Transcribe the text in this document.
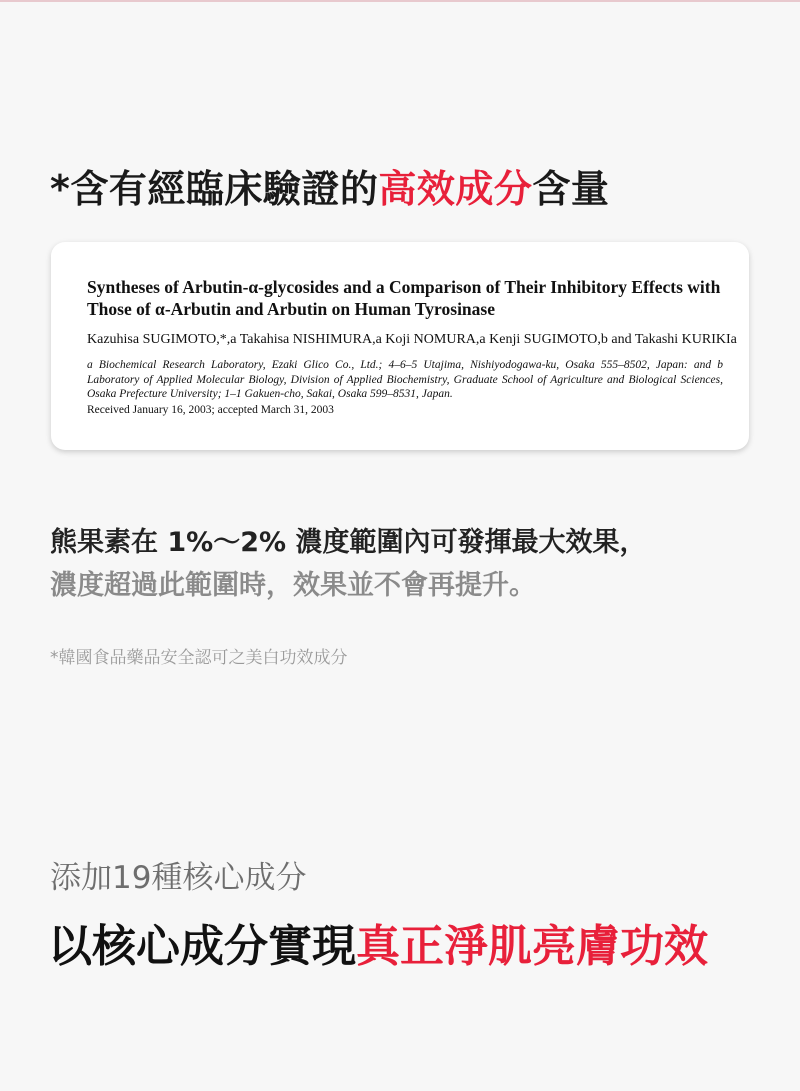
*含有經臨床驗證的高效成分含量
Syntheses of Arbutin-α-glycosides and a Comparison of Their Inhibitory Effects with Those of α-Arbutin and Arbutin on Human Tyrosinase
Kazuhisa SUGIMOTO,*,a Takahisa NISHIMURA,a Koji NOMURA,a Kenji SUGIMOTO,b and Takashi KURIKIa
a Biochemical Research Laboratory, Ezaki Glico Co., Ltd.; 4–6–5 Utajima, Nishiyodogawa-ku, Osaka 555–8502, Japan: and b Laboratory of Applied Molecular Biology, Division of Applied Biochemistry, Graduate School of Agriculture and Biological Sciences, Osaka Prefecture University; 1–1 Gakuen-cho, Sakai, Osaka 599–8531, Japan.
Received January 16, 2003; accepted March 31, 2003
熊果素在 1%～2% 濃度範圍內可發揮最大效果，
濃度超過此範圍時，效果並不會再提升。
*韓國食品藥品安全認可之美白功效成分
添加19種核心成分
以核心成分實現真正淨肌亮膚功效
